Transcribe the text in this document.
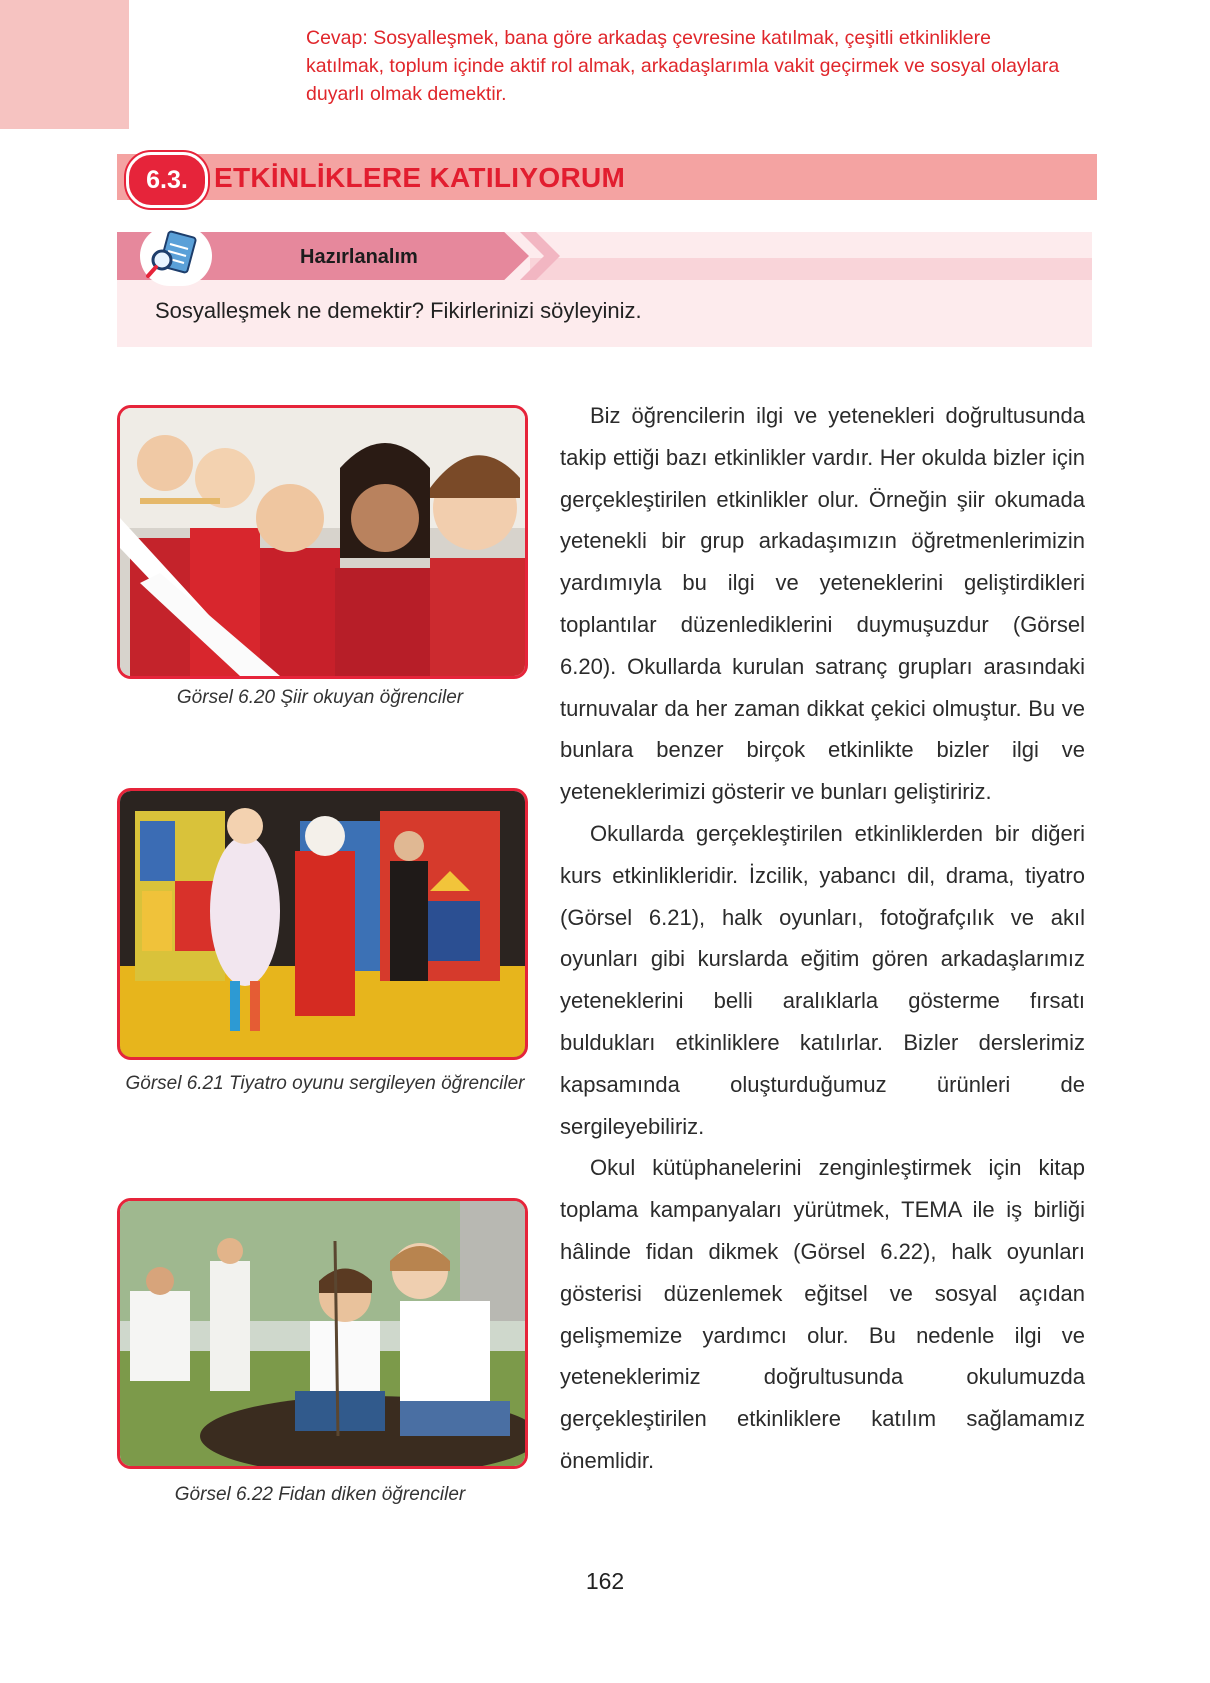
Cevap: Sosyalleşmek, bana göre arkadaş çevresine katılmak, çeşitli etkinliklere katılmak, toplum içinde aktif rol almak, arkadaşlarımla vakit geçirmek ve sosyal olaylara duyarlı olmak demektir.
6.3. ETKİNLİKLERE KATILIYORUM
Hazırlanalım
Sosyalleşmek ne demektir? Fikirlerinizi söyleyiniz.
Görsel 6.20 Şiir okuyan öğrenciler
Görsel 6.21 Tiyatro oyunu sergileyen öğrenciler
Görsel 6.22 Fidan diken öğrenciler

Biz öğrencilerin ilgi ve yetenekleri doğrultusunda takip ettiği bazı etkinlikler vardır. Her okulda bizler için gerçekleştirilen etkinlikler olur. Örneğin şiir okumada yetenekli bir grup arkadaşımızın öğretmenlerimizin yardımıyla bu ilgi ve yeteneklerini geliştirdikleri toplantılar düzenlediklerini duymuşuzdur (Görsel 6.20). Okullarda kurulan satranç grupları arasındaki turnuvalar da her zaman dikkat çekici olmuştur. Bu ve bunlara benzer birçok etkinlikte bizler ilgi ve yeteneklerimizi gösterir ve bunları geliştiririz.

Okullarda gerçekleştirilen etkinliklerden bir diğeri kurs etkinlikleridir. İzcilik, yabancı dil, drama, tiyatro (Görsel 6.21), halk oyunları, fotoğrafçılık ve akıl oyunları gibi kurslarda eğitim gören arkadaşlarımız yeteneklerini belli aralıklarla gösterme fırsatı buldukları etkinliklere katılırlar. Bizler derslerimiz kapsamında oluşturduğumuz ürünleri de sergileyebiliriz.

Okul kütüphanelerini zenginleştirmek için kitap toplama kampanyaları yürütmek, TEMA ile iş birliği hâlinde fidan dikmek (Görsel 6.22), halk oyunları gösterisi düzenlemek eğitsel ve sosyal açıdan gelişmemize yardımcı olur. Bu nedenle ilgi ve yeteneklerimiz doğrultusunda okulumuzda gerçekleştirilen etkinliklere katılım sağlamamız önemlidir.

162
